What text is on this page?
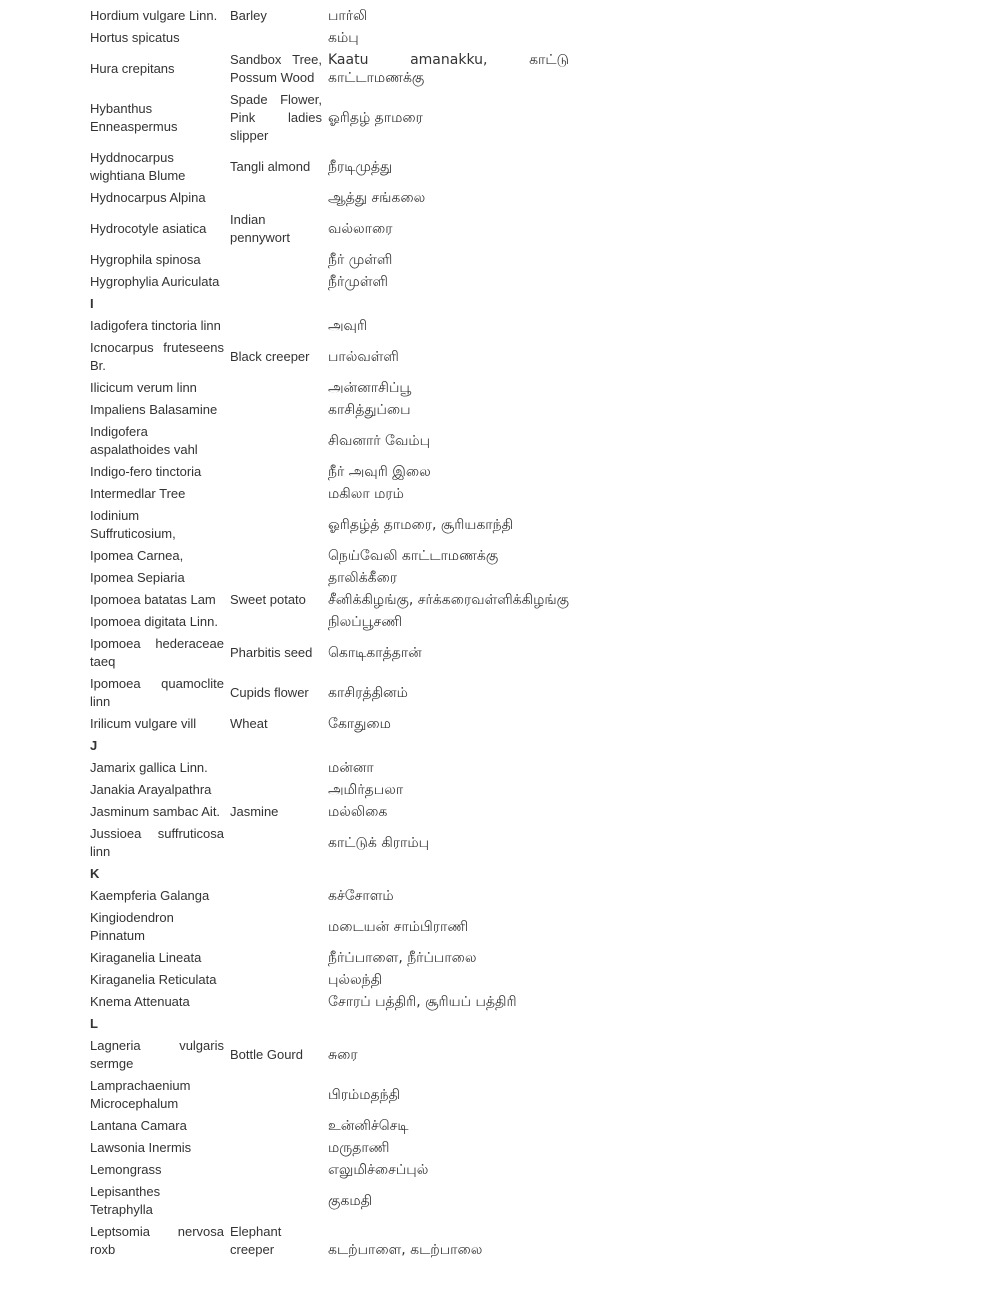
Hordium vulgare Linn.	Barley	பார்லி
Hortus spicatus		கம்பு
Hura crepitans	Sandbox Tree, Possum Wood	Kaatu amanakku, காட்டு காட்டாமணக்கு
Hybanthus Enneaspermus	Spade Flower, Pink ladies slipper	ஓரிதழ் தாமரை
Hyddnocarpus wightiana Blume	Tangli almond	நீரடிமுத்து
Hydnocarpus Alpina		ஆத்து சங்கலை
Hydrocotyle asiatica	Indian pennywort	வல்லாரை
Hygrophila spinosa		நீர் முள்ளி
Hygrophylia Auriculata		நீர்முள்ளி
I		
Iadigofera tinctoria linn		அவுரி
Icnocarpus fruteseens Br.	Black creeper	பால்வள்ளி
Ilicicum verum linn		அன்னாசிப்பூ
Impaliens Balasamine		காசித்துப்பை
Indigofera aspalathoides vahl		சிவனார் வேம்பு
Indigo-fero tinctoria		நீர் அவுரி இலை
Intermedlar Tree		மகிலா மரம்
Iodinium Suffruticosium,		ஓரிதழ்த் தாமரை, சூரியகாந்தி
Ipomea Carnea,		நெய்வேலி காட்டாமணக்கு
Ipomea Sepiaria		தாலிக்கீரை
Ipomoea batatas Lam	Sweet potato	சீனிக்கிழங்கு, சர்க்கரைவள்ளிக்கிழங்கு
Ipomoea digitata Linn.		நிலப்பூசணி
Ipomoea hederaceae taeq	Pharbitis seed	கொடிகாத்தான்
Ipomoea quamoclite linn	Cupids flower	காசிரத்தினம்
Irilicum vulgare vill	Wheat	கோதுமை
J		
Jamarix gallica Linn.		மன்னா
Janakia Arayalpathra		அமிர்தபலா
Jasminum sambac Ait.	Jasmine	மல்லிகை
Jussioea suffruticosa linn		காட்டுக் கிராம்பு
K		
Kaempferia Galanga		கச்சோளம்
Kingiodendron Pinnatum		மடையன் சாம்பிராணி
Kiraganelia Lineata		நீர்ப்பாளை, நீர்ப்பாலை
Kiraganelia Reticulata		புல்லந்தி
Knema Attenuata		சோரப் பத்திரி, சூரியப் பத்திரி
L		
Lagneria vulgaris sermge	Bottle Gourd	சுரை
Lamprachaenium Microcephalum		பிரம்மதந்தி
Lantana Camara		உன்னிச்செடி
Lawsonia Inermis		மருதாணி
Lemongrass		எலுமிச்சைப்புல்
Lepisanthes Tetraphylla		குகமதி
Leptsomia nervosa roxb	Elephant creeper	கடற்பாளை, கடற்பாலை
